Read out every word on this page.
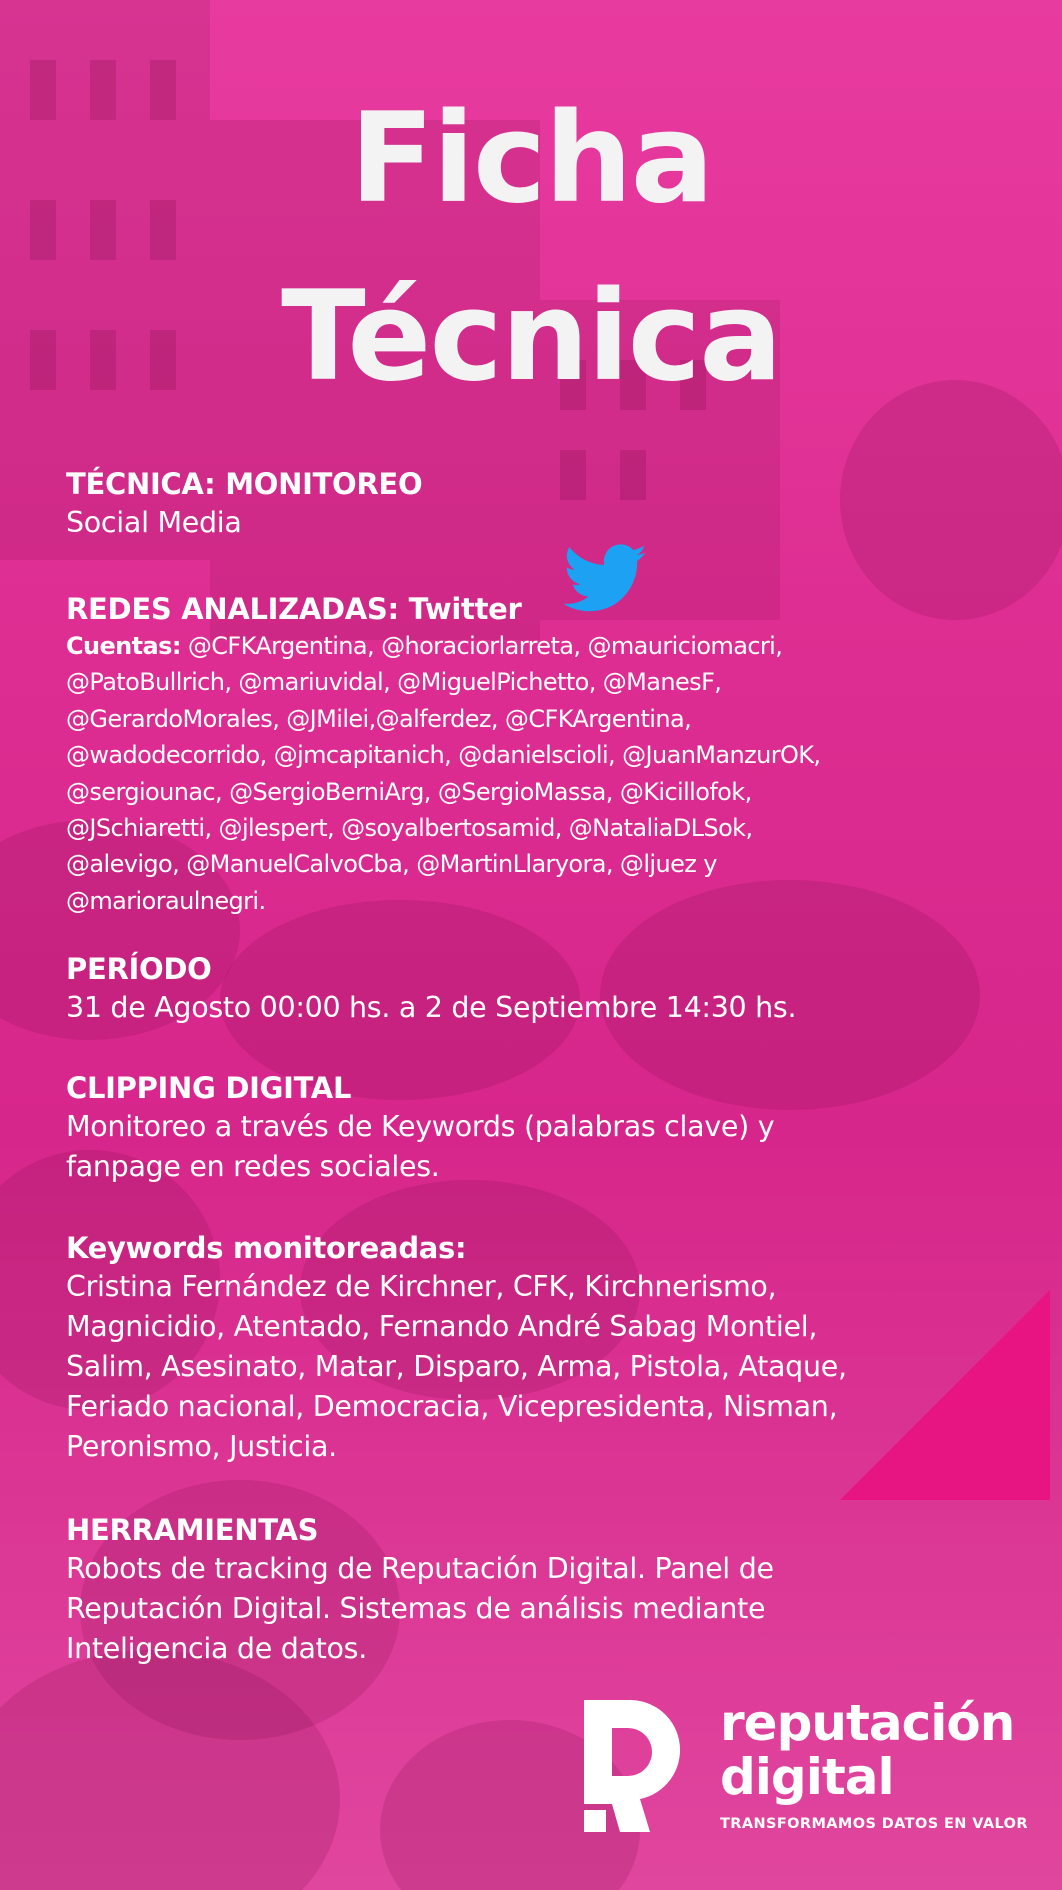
Ficha
Técnica
TÉCNICA: MONITOREO
Social Media
REDES ANALIZADAS: Twitter
Cuentas: @CFKArgentina, @horaciorlarreta, @mauriciomacri,
@PatoBullrich, @mariuvidal, @MiguelPichetto, @ManesF,
@GerardoMorales, @JMilei,@alferdez, @CFKArgentina,
@wadodecorrido, @jmcapitanich, @danielscioli, @JuanManzurOK,
@sergiounac, @SergioBerniArg, @SergioMassa, @Kicillofok,
@JSchiaretti, @jlespert, @soyalbertosamid, @NataliaDLSok,
@alevigo, @ManuelCalvoCba, @MartinLlaryora, @ljuez y
@marioraulnegri.
PERÍODO
31 de Agosto 00:00 hs. a 2 de Septiembre 14:30 hs.
CLIPPING DIGITAL
Monitoreo a través de Keywords (palabras clave) y
fanpage en redes sociales.
Keywords monitoreadas:
Cristina Fernández de Kirchner, CFK, Kirchnerismo,
Magnicidio, Atentado, Fernando André Sabag Montiel,
Salim, Asesinato, Matar, Disparo, Arma, Pistola, Ataque,
Feriado nacional, Democracia, Vicepresidenta, Nisman,
Peronismo, Justicia.
HERRAMIENTAS
Robots de tracking de Reputación Digital. Panel de
Reputación Digital. Sistemas de análisis mediante
Inteligencia de datos.
reputación
digital
TRANSFORMAMOS DATOS EN VALOR
